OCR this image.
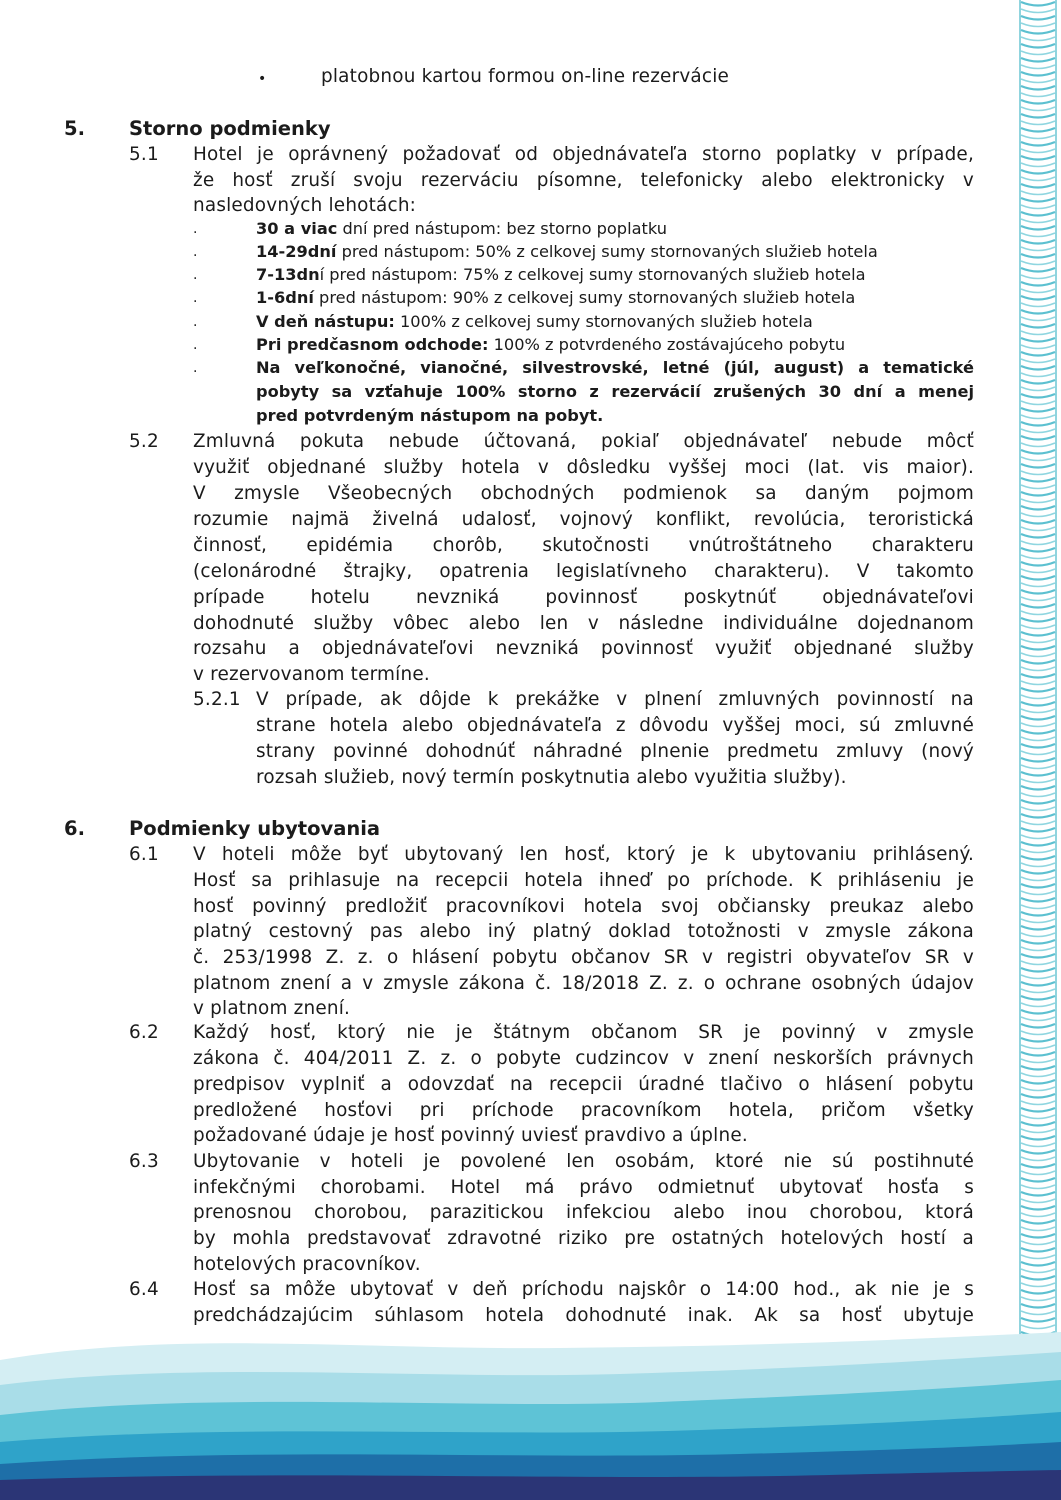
•	platobnou kartou formou on-line rezervácie
5. Storno podmienky
5.1 Hotel je oprávnený požadovať od objednávateľa storno poplatky v prípade,
že hosť zruší svoju rezerváciu písomne, telefonicky alebo elektronicky v
nasledovných lehotách:
·	30 a viac dní pred nástupom: bez storno poplatku
·	14-29dní pred nástupom: 50% z celkovej sumy stornovaných služieb hotela
·	7-13dní pred nástupom: 75% z celkovej sumy stornovaných služieb hotela
·	1-6dní pred nástupom: 90% z celkovej sumy stornovaných služieb hotela
·	V deň nástupu: 100% z celkovej sumy stornovaných služieb hotela
·	Pri predčasnom odchode: 100% z potvrdeného zostávajúceho pobytu
·	Na veľkonočné, vianočné, silvestrovské, letné (júl, august) a tematické
pobyty sa vzťahuje 100% storno z rezervácií zrušených 30 dní a menej
pred potvrdeným nástupom na pobyt.
5.2 Zmluvná pokuta nebude účtovaná, pokiaľ objednávateľ nebude môcť
využiť objednané služby hotela v dôsledku vyššej moci (lat. vis maior).
V zmysle Všeobecných obchodných podmienok sa daným pojmom
rozumie najmä živelná udalosť, vojnový konflikt, revolúcia, teroristická
činnosť, epidémia chorôb, skutočnosti vnútroštátneho charakteru
(celonárodné štrajky, opatrenia legislatívneho charakteru). V takomto
prípade hotelu nevzniká povinnosť poskytnúť objednávateľovi
dohodnuté služby vôbec alebo len v následne individuálne dojednanom
rozsahu a objednávateľovi nevzniká povinnosť využiť objednané služby
v rezervovanom termíne.
5.2.1 V prípade, ak dôjde k prekážke v plnení zmluvných povinností na
strane hotela alebo objednávateľa z dôvodu vyššej moci, sú zmluvné
strany povinné dohodnúť náhradné plnenie predmetu zmluvy (nový
rozsah služieb, nový termín poskytnutia alebo využitia služby).
6. Podmienky ubytovania
6.1 V hoteli môže byť ubytovaný len hosť, ktorý je k ubytovaniu prihlásený.
Hosť sa prihlasuje na recepcii hotela ihneď po príchode. K prihláseniu je
hosť povinný predložiť pracovníkovi hotela svoj občiansky preukaz alebo
platný cestovný pas alebo iný platný doklad totožnosti v zmysle zákona
č. 253/1998 Z. z. o hlásení pobytu občanov SR v registri obyvateľov SR v
platnom znení a v zmysle zákona č. 18/2018 Z. z. o ochrane osobných údajov
v platnom znení.
6.2 Každý hosť, ktorý nie je štátnym občanom SR je povinný v zmysle
zákona č. 404/2011 Z. z. o pobyte cudzincov v znení neskorších právnych
predpisov vyplniť a odovzdať na recepcii úradné tlačivo o hlásení pobytu
predložené hosťovi pri príchode pracovníkom hotela, pričom všetky
požadované údaje je hosť povinný uviesť pravdivo a úplne.
6.3 Ubytovanie v hoteli je povolené len osobám, ktoré nie sú postihnuté
infekčnými chorobami. Hotel má právo odmietnuť ubytovať hosťa s
prenosnou chorobou, parazitickou infekciou alebo inou chorobou, ktorá
by mohla predstavovať zdravotné riziko pre ostatných hotelových hostí a
hotelových pracovníkov.
6.4 Hosť sa môže ubytovať v deň príchodu najskôr o 14:00 hod., ak nie je s
predchádzajúcim súhlasom hotela dohodnuté inak. Ak sa hosť ubytuje
